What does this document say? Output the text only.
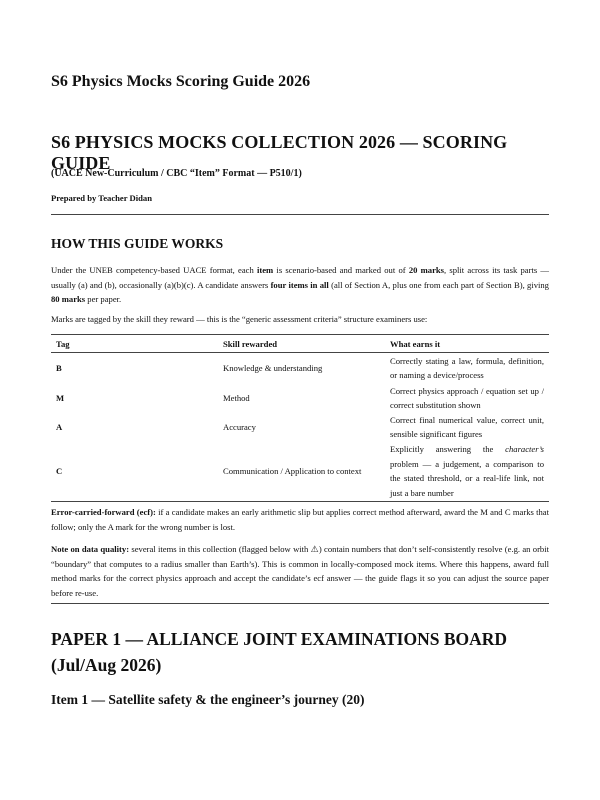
S6 Physics Mocks Scoring Guide 2026
S6 PHYSICS MOCKS COLLECTION 2026 — SCORING GUIDE

(UACE New-Curriculum / CBC “Item” Format — P510/1)

Prepared by Teacher Didan

HOW THIS GUIDE WORKS

Under the UNEB competency-based UACE format, each item is scenario-based and marked out of 20 marks, split across its task parts — usually (a) and (b), occasionally (a)(b)(c). A candidate answers four items in all (all of Section A, plus one from each part of Section B), giving 80 marks per paper.

Marks are tagged by the skill they reward — this is the “generic assessment criteria” structure examiners use:

Tag	Skill rewarded	What earns it
B	Knowledge & understanding	Correctly stating a law, formula, definition, or naming a device/process
M	Method	Correct physics approach / equation set up / correct substitution shown
A	Accuracy	Correct final numerical value, correct unit, sensible significant figures
C	Communication / Application to context	Explicitly answering the character’s problem — a judgement, a comparison to the stated threshold, or a real-life link, not just a bare number

Error-carried-forward (ecf): if a candidate makes an early arithmetic slip but applies correct method afterward, award the M and C marks that follow; only the A mark for the wrong number is lost.

Note on data quality: several items in this collection (flagged below with ⚠) contain numbers that don’t self-consistently resolve (e.g. an orbit “boundary” that computes to a radius smaller than Earth’s). This is common in locally-composed mock items. Where this happens, award full method marks for the correct physics approach and accept the candidate’s ecf answer — the guide flags it so you can adjust the source paper before re-use.

PAPER 1 — ALLIANCE JOINT EXAMINATIONS BOARD (Jul/Aug 2026)
Item 1 — Satellite safety & the engineer’s journey (20)
